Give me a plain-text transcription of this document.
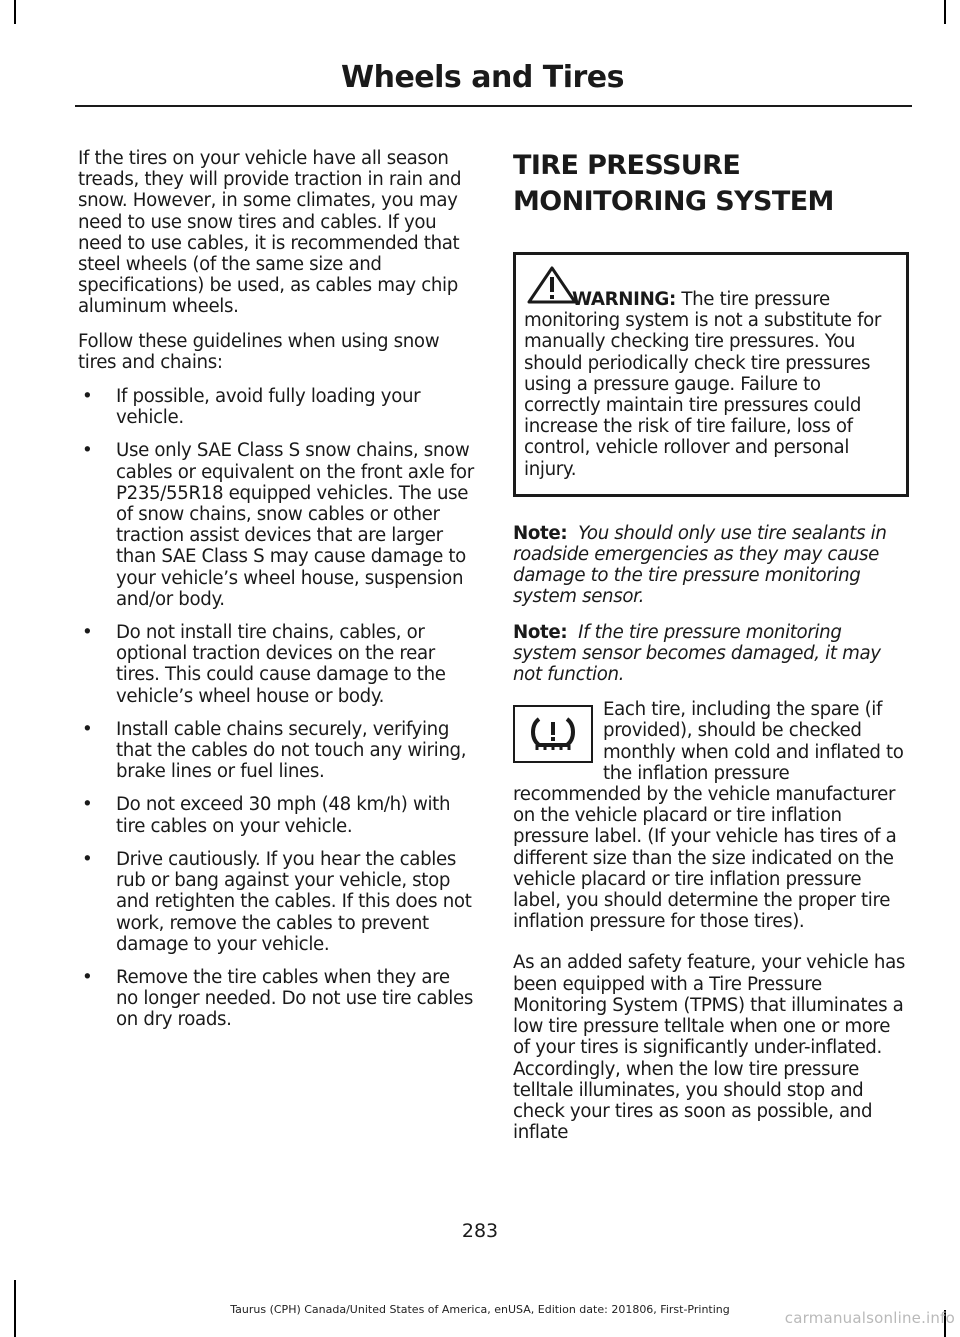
Wheels and Tires

If the tires on your vehicle have all season treads, they will provide traction in rain and snow. However, in some climates, you may need to use snow tires and cables. If you need to use cables, it is recommended that steel wheels (of the same size and specifications) be used, as cables may chip aluminum wheels.

Follow these guidelines when using snow tires and chains:

• If possible, avoid fully loading your vehicle.
• Use only SAE Class S snow chains, snow cables or equivalent on the front axle for P235/55R18 equipped vehicles. The use of snow chains, snow cables or other traction assist devices that are larger than SAE Class S may cause damage to your vehicle’s wheel house, suspension and/or body.
• Do not install tire chains, cables, or optional traction devices on the rear tires. This could cause damage to the vehicle’s wheel house or body.
• Install cable chains securely, verifying that the cables do not touch any wiring, brake lines or fuel lines.
• Do not exceed 30 mph (48 km/h) with tire cables on your vehicle.
• Drive cautiously. If you hear the cables rub or bang against your vehicle, stop and retighten the cables. If this does not work, remove the cables to prevent damage to your vehicle.
• Remove the tire cables when they are no longer needed. Do not use tire cables on dry roads.
TIRE PRESSURE MONITORING SYSTEM
WARNING: The tire pressure monitoring system is not a substitute for manually checking tire pressures. You should periodically check tire pressures using a pressure gauge. Failure to correctly maintain tire pressures could increase the risk of tire failure, loss of control, vehicle rollover and personal injury.

Note: You should only use tire sealants in roadside emergencies as they may cause damage to the tire pressure monitoring system sensor.

Note: If the tire pressure monitoring system sensor becomes damaged, it may not function.

Each tire, including the spare (if provided), should be checked monthly when cold and inflated to the inflation pressure recommended by the vehicle manufacturer on the vehicle placard or tire inflation pressure label. (If your vehicle has tires of a different size than the size indicated on the vehicle placard or tire inflation pressure label, you should determine the proper tire inflation pressure for those tires).

As an added safety feature, your vehicle has been equipped with a Tire Pressure Monitoring System (TPMS) that illuminates a low tire pressure telltale when one or more of your tires is significantly under-inflated. Accordingly, when the low tire pressure telltale illuminates, you should stop and check your tires as soon as possible, and inflate

283
Taurus (CPH) Canada/United States of America, enUSA, Edition date: 201806, First-Printing	carmanualsonline.info
